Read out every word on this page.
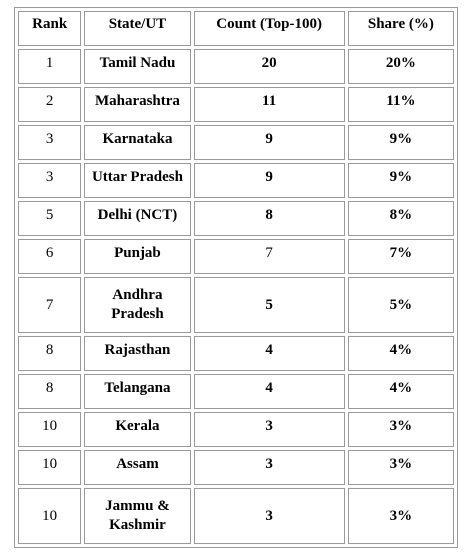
Rank	State/UT	Count (Top-100)	Share (%)
1	Tamil Nadu	20	20%
2	Maharashtra	11	11%
3	Karnataka	9	9%
3	Uttar Pradesh	9	9%
5	Delhi (NCT)	8	8%
6	Punjab	7	7%
7	Andhra Pradesh	5	5%
8	Rajasthan	4	4%
8	Telangana	4	4%
10	Kerala	3	3%
10	Assam	3	3%
10	Jammu & Kashmir	3	3%
